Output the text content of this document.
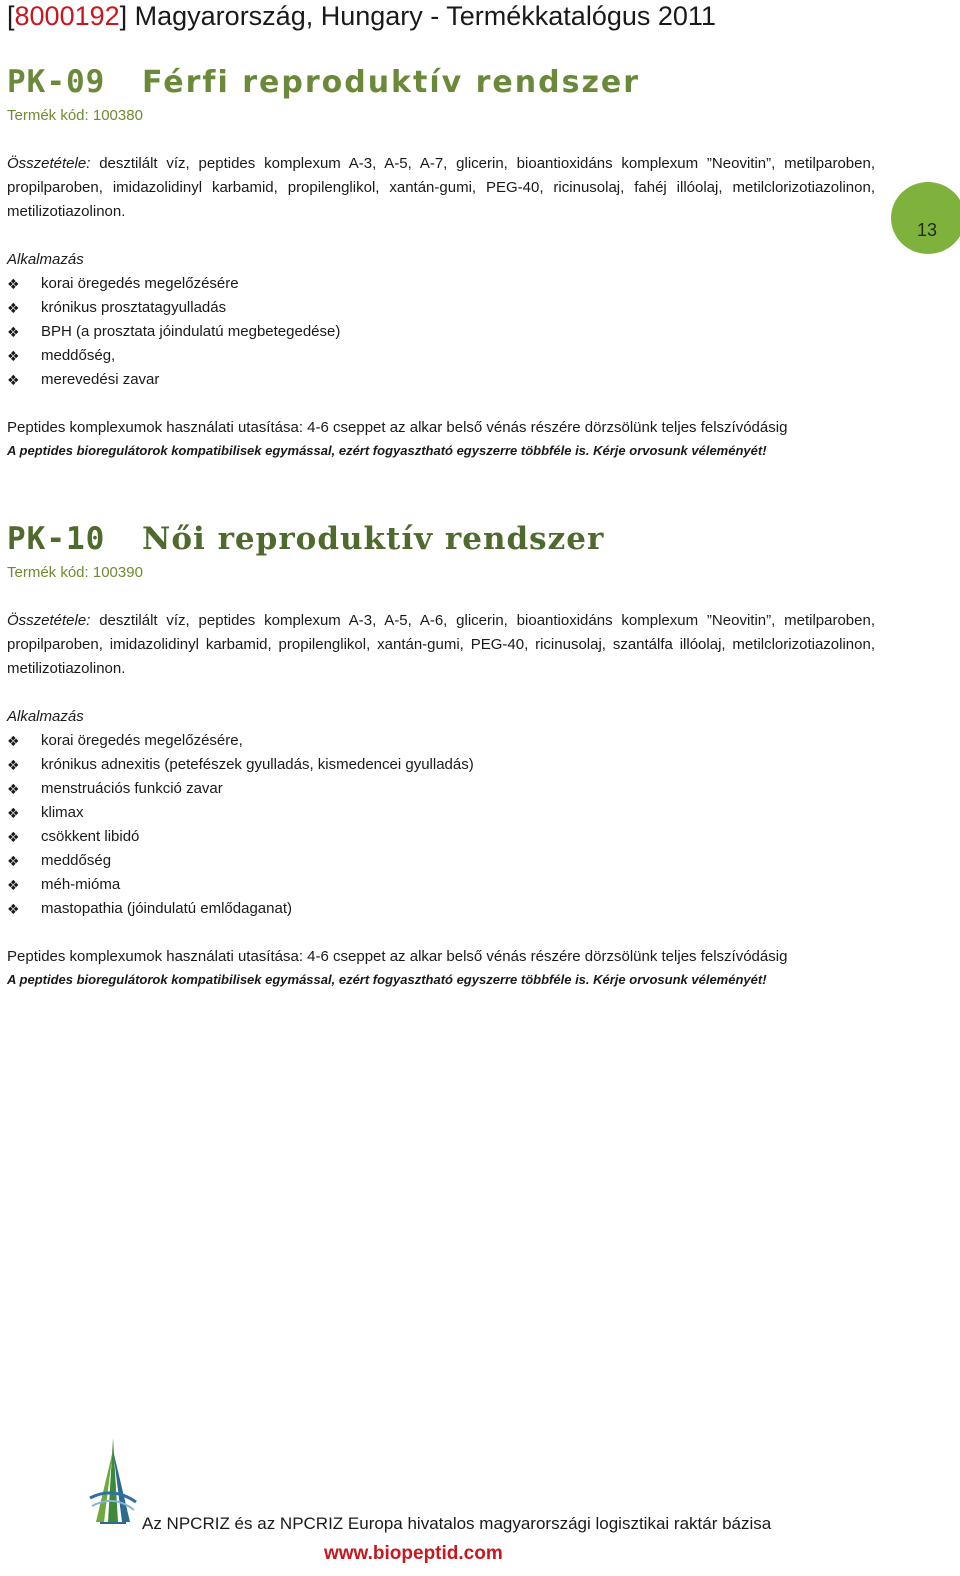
[8000192] Magyarország, Hungary - Termékkatalógus 2011
13
PK-09	Férfi reproduktív rendszer
Termék kód: 100380
Összetétele: desztilált víz, peptides komplexum A-3, A-5, A-7, glicerin, bioantioxidáns komplexum ”Neovitin”, metilparoben, propilparoben, imidazolidinyl karbamid, propilenglikol, xantán-gumi, PEG-40, ricinusolaj, fahéj illóolaj, metilclorizotiazolinon, metilizotiazolinon.
Alkalmazás
❖ korai öregedés megelőzésére
❖ krónikus prosztatagyulladás
❖ BPH (a prosztata jóindulatú megbetegedése)
❖ meddőség,
❖ merevedési zavar
Peptides komplexumok használati utasítása: 4-6 cseppet az alkar belső vénás részére dörzsölünk teljes felszívódásig
A peptides bioregulátorok kompatibilisek egymással, ezért fogyasztható egyszerre többféle is. Kérje orvosunk véleményét!
PK-10	Női reproduktív rendszer
Termék kód: 100390
Összetétele: desztilált víz, peptides komplexum A-3, A-5, A-6, glicerin, bioantioxidáns komplexum ”Neovitin”, metilparoben, propilparoben, imidazolidinyl karbamid, propilenglikol, xantán-gumi, PEG-40, ricinusolaj, szantálfa illóolaj, metilclorizotiazolinon, metilizotiazolinon.
Alkalmazás
❖ korai öregedés megelőzésére,
❖ krónikus adnexitis (petefészek gyulladás, kismedencei gyulladás)
❖ menstruációs funkció zavar
❖ klimax
❖ csökkent libidó
❖ meddőség
❖ méh-mióma
❖ mastopathia (jóindulatú emlődaganat)
Peptides komplexumok használati utasítása: 4-6 cseppet az alkar belső vénás részére dörzsölünk teljes felszívódásig
A peptides bioregulátorok kompatibilisek egymással, ezért fogyasztható egyszerre többféle is. Kérje orvosunk véleményét!
Az NPCRIZ és az NPCRIZ Europa hivatalos magyarországi logisztikai raktár bázisa
www.biopeptid.com
